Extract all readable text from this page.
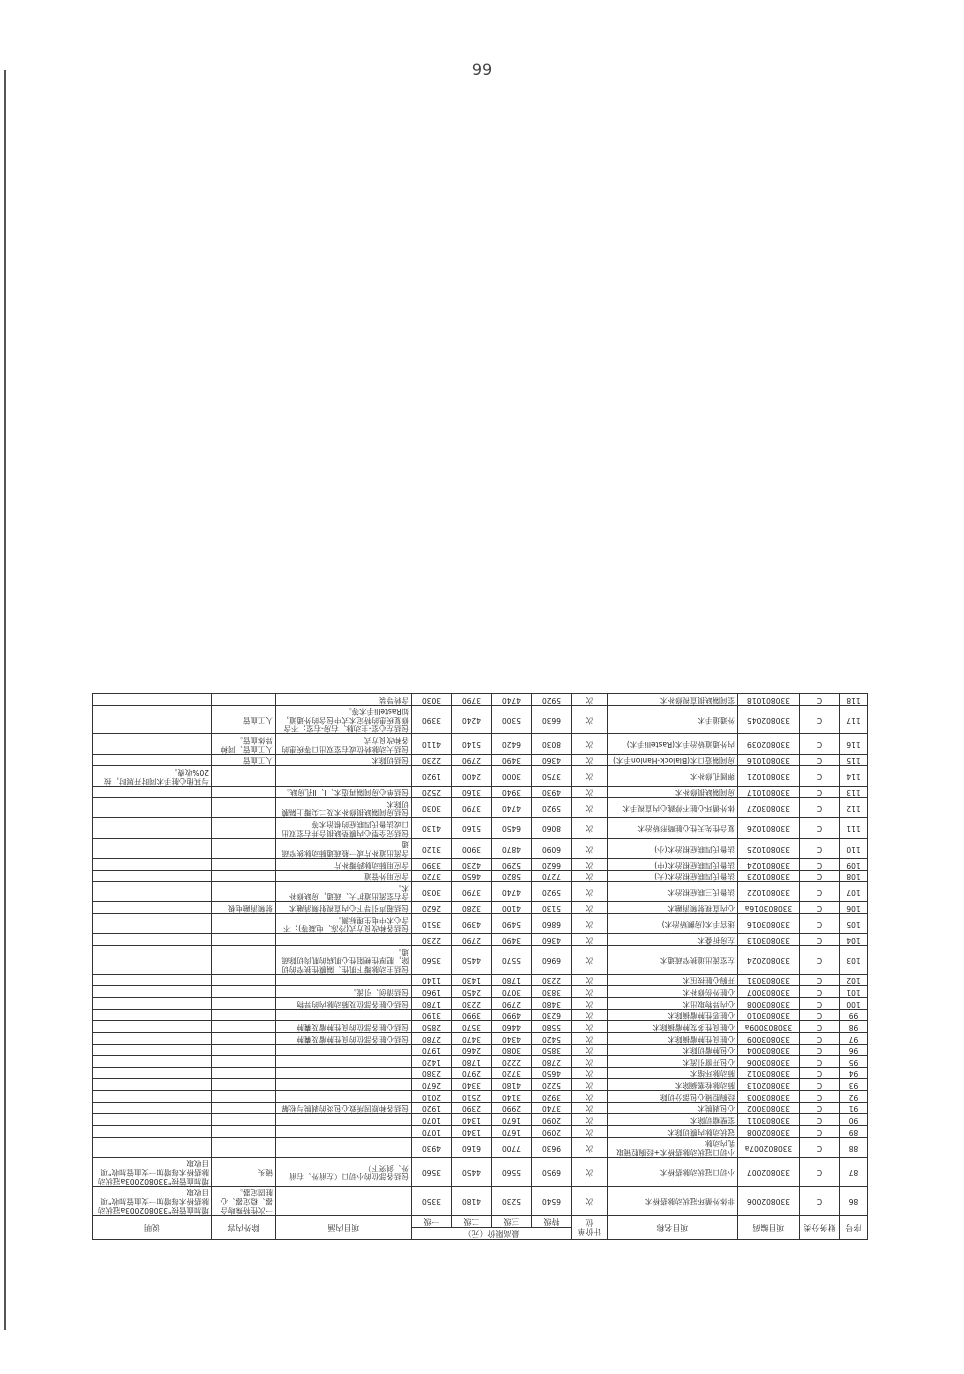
99
序号	财务分类	项目编码	项目名称	计价单位	最高限价（元）				项目内涵	除外内容	说明
					特级	三级	二级	一级			
86	C	330802006	非体外循环冠状动脉搭桥术	次	6540	5230	4180	3350		一次性特殊吻合器、稳定器、心脏固定器。	增加血管按"330802003a冠状动脉搭桥术每增加一支血管加收"项目收取
87	C	330802007	小切口冠状动脉搭桥术	次	6950	5560	4450	3560	包括各部位的小切口（左前外、右前外、剑突下）	镜头	增加血管按"330802003a冠状动脉搭桥术每增加一支血管加收"项目收取
88	C	330802007a	小切口冠状动脉搭桥术+经胸腔镜取乳内动脉	次	9630	7700	6160	4930			
89	C	330802008	冠状动脉内膜切除术	次	2090	1670	1340	1070			
90	C	330803011	室壁瘤切除术	次	2090	1670	1340	1070			
91	C	330803002	心包剥脱术	次	3740	2990	2390	1920	包括各种原因所致心包炎的剥脱与松解		
92	C	330803003	经胸腔镜心包部分切除	次	3920	3140	2510	2010			
93	C	330802013	肺动脉栓塞摘除术	次	5220	4180	3340	2670			
94	C	330803012	肺动脉环缩术	次	4650	3720	2970	2380			
95	C	330803006	心包开窗引流术	次	2780	2220	1780	1420			
96	C	330803004	心包肿瘤切除术	次	3850	3080	2460	1970			
97	C	330803009	心脏良性肿瘤摘除术	次	5420	4340	3470	2780	包括心脏各部位的良性肿瘤及囊肿		
98	C	330803009a	心脏良性多发肿瘤摘除术	次	5580	4460	3570	2850	包括心脏各部位的良性肿瘤及囊肿		
99	C	330803010	心脏恶性肿瘤摘除术	次	6230	4990	3990	3190			
100	C	330803008	心内异物取出术	次	3480	2790	2230	1780	包括心脏各部位及肺动脉内的异物		
101	C	330803007	心脏外伤修补术	次	3830	3070	2450	1960	包括清创、引流。		
102	C	330803031	开胸心脏按压术	次	2230	1780	1430	1140			
103	C	330802024	左室流出道狭窄疏通术	次	6960	5570	4450	3560	包括主动脉瓣下肌性、隔膜性狭窄的切除，肥厚性梗阻性心肌病的肌肉切除疏通。		
104	C	330803013	左房折叠术	次	4360	3490	2790	2230			
105	C	330803016	迷宫手术(房颤矫治术)	次	6860	5490	4390	3510	包括各种改良方式(冷冻、电凝等)；不含心术中电生理标测。		
106	C	330803016a	心内直视射频消融术	次	5130	4100	3280	2620	包括超声引导下心内直视射频消融术	射频消融电极	
107	C	330801022	法鲁氏三联症根治术	次	5920	4740	3790	3030	含右室流出道扩大、疏通，房缺修补术。		
108	C	330801023	法鲁氏四联症根治术(大)	次	7270	5820	4650	3720	含应用外管道		
109	C	330801024	法鲁氏四联症根治术(中)	次	6620	5290	4230	3390	含应用肺动脉跨瓣补片		
110	C	330801025	法鲁氏四联症根治术(小)	次	6090	4870	3900	3120	含流出道补片或一般疏通肺动脉狭窄疏通		
111	C	330801026	复合性先天性心脏畸形矫治术	次	8060	6450	5160	4130	包括完全型心内膜垫缺损合并右室双出口或法鲁氏四联症的根治术等		
112	C	330803027	体外循环心脏不停跳心内直视手术	次	5920	4740	3790	3030	包括房间隔缺损修补术及二尖瓣上隔膜切除术		
113	C	330801017	房间隔缺损修补术	次	4930	3940	3160	2520	包括单心房间隔再造术、I、II孔房缺。		
114	C	330801021	卵圆孔修补术	次	3750	3000	2400	1920			与其他心脏手术同时开展时，按20%收费。
115	C	330801016	房间隔造口术(Blalock-Hanlon手术)	次	4360	3490	2790	2230	包括切除术	人工血管	
116	C	330802039	内外通道矫治手术(Rastelli手术)	次	8030	6420	5140	4110	包括大动脉转位或右室双出口等疾患的各种改良方式	人工血管、同种异体血管。	
117	C	330802045	外通道手术	次	6630	5300	4240	3390	包括左心室-主动脉、右房-右室；不含修复疾患的特定术式中包含的外通道，如Rastelli手术等。	人工血管	
118	C	330801018	室间隔缺损直视修补术	次	5920	4740	3790	3030	含转导装		
